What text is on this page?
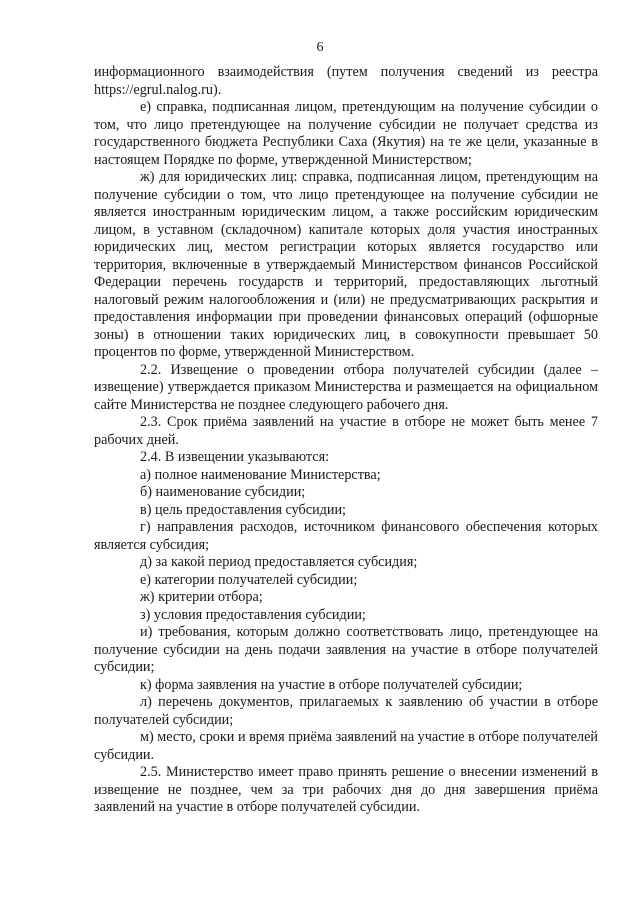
6

информационного взаимодействия (путем получения сведений из реестра https://egrul.nalog.ru).

е) справка, подписанная лицом, претендующим на получение субсидии о том, что лицо претендующее на получение субсидии не получает средства из государственного бюджета Республики Саха (Якутия) на те же цели, указанные в настоящем Порядке по форме, утвержденной Министерством;

ж) для юридических лиц: справка, подписанная лицом, претендующим на получение субсидии о том, что лицо претендующее на получение субсидии не является иностранным юридическим лицом, а также российским юридическим лицом, в уставном (складочном) капитале которых доля участия иностранных юридических лиц, местом регистрации которых является государство или территория, включенные в утверждаемый Министерством финансов Российской Федерации перечень государств и территорий, предоставляющих льготный налоговый режим налогообложения и (или) не предусматривающих раскрытия и предоставления информации при проведении финансовых операций (офшорные зоны) в отношении таких юридических лиц, в совокупности превышает 50 процентов по форме, утвержденной Министерством.

2.2. Извещение о проведении отбора получателей субсидии (далее – извещение) утверждается приказом Министерства и размещается на официальном сайте Министерства не позднее следующего рабочего дня.

2.3. Срок приёма заявлений на участие в отборе не может быть менее 7 рабочих дней.

2.4. В извещении указываются:

а) полное наименование Министерства;

б) наименование субсидии;

в) цель предоставления субсидии;

г) направления расходов, источником финансового обеспечения которых является субсидия;

д) за какой период предоставляется субсидия;

е) категории получателей субсидии;

ж) критерии отбора;

з) условия предоставления субсидии;

и) требования, которым должно соответствовать лицо, претендующее на получение субсидии на день подачи заявления на участие в отборе получателей субсидии;

к) форма заявления на участие в отборе получателей субсидии;

л) перечень документов, прилагаемых к заявлению об участии в отборе получателей субсидии;

м) место, сроки и время приёма заявлений на участие в отборе получателей субсидии.

2.5. Министерство имеет право принять решение о внесении изменений в извещение не позднее, чем за три рабочих дня до дня завершения приёма заявлений на участие в отборе получателей субсидии.
